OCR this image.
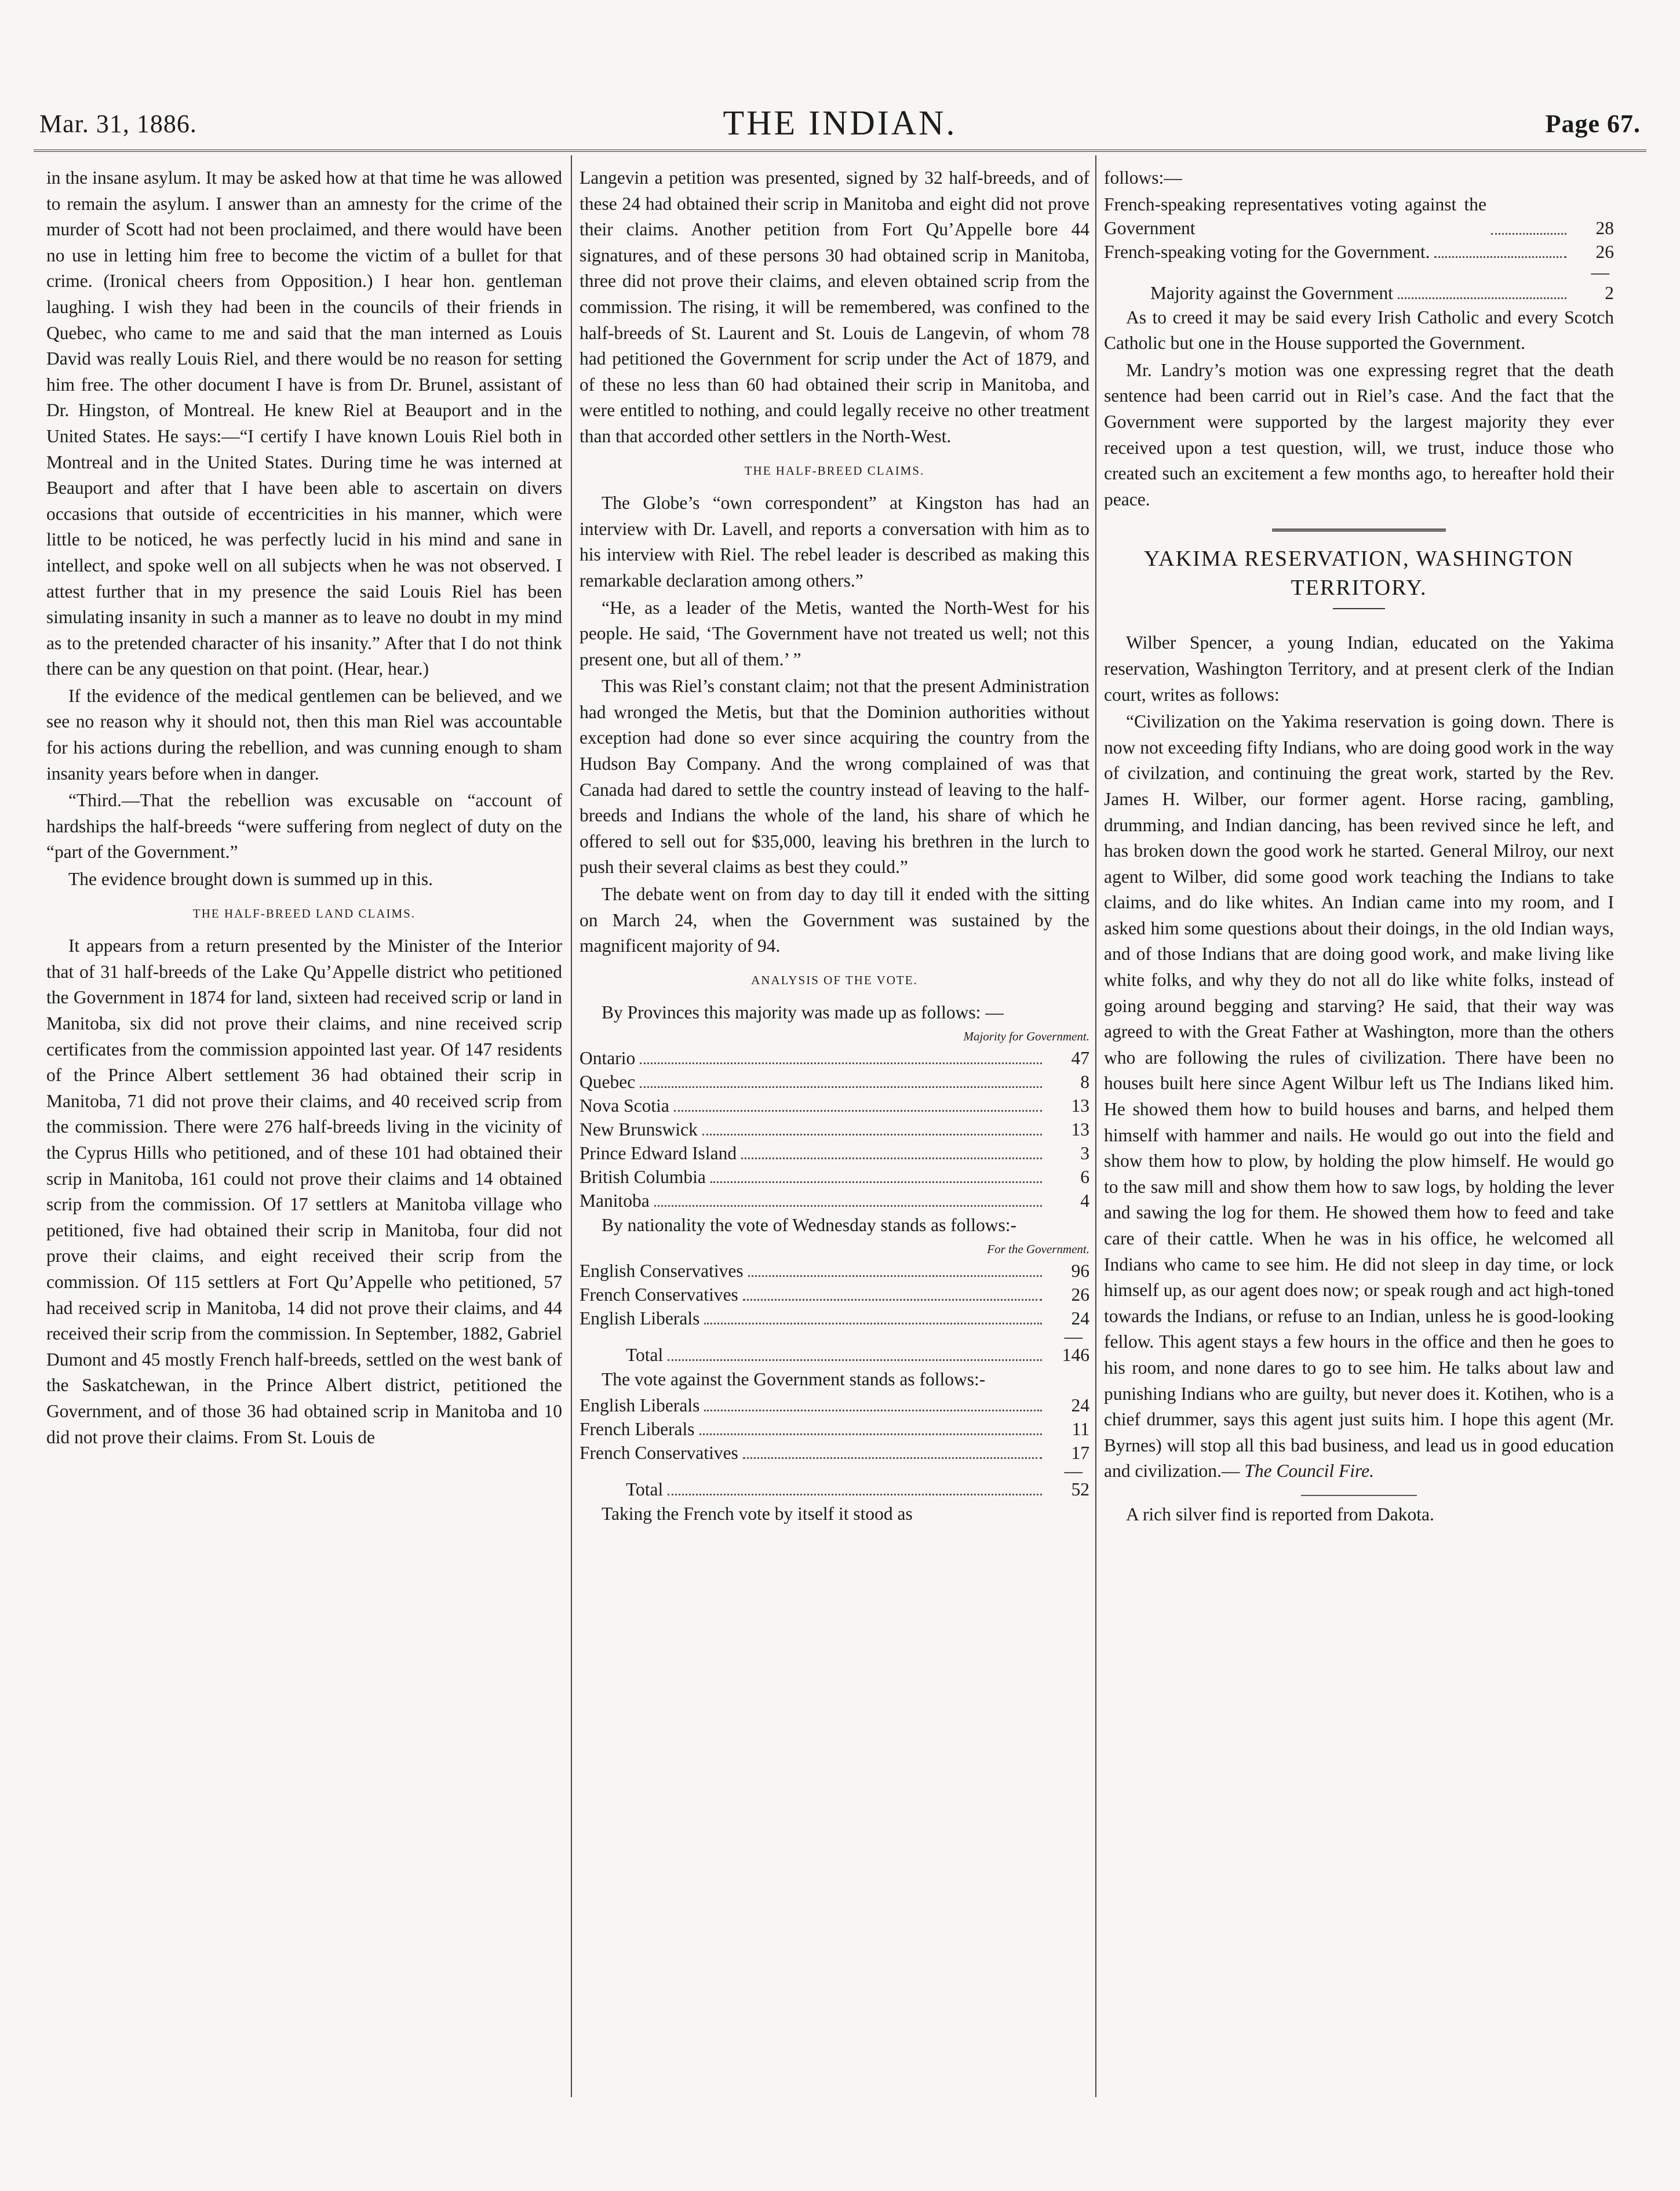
Mar. 31, 1886.	THE INDIAN.	Page 67.

in the insane asylum. It may be asked how at that time he was allowed to remain the asylum. I answer than an amnesty for the crime of the murder of Scott had not been proclaimed, and there would have been no use in letting him free to become the victim of a bullet for that crime. (Ironical cheers from Opposition.) I hear hon. gentleman laughing. I wish they had been in the councils of their friends in Quebec, who came to me and said that the man interned as Louis David was really Louis Riel, and there would be no reason for setting him free. The other document I have is from Dr. Brunel, assistant of Dr. Hingston, of Montreal. He knew Riel at Beauport and in the United States. He says:—“I certify I have known Louis Riel both in Montreal and in the United States. During time he was interned at Beauport and after that I have been able to ascertain on divers occasions that outside of eccentricities in his manner, which were little to be noticed, he was perfectly lucid in his mind and sane in intellect, and spoke well on all subjects when he was not observed. I attest further that in my presence the said Louis Riel has been simulating insanity in such a manner as to leave no doubt in my mind as to the pretended character of his insanity.” After that I do not think there can be any question on that point. (Hear, hear.)

If the evidence of the medical gentlemen can be believed, and we see no reason why it should not, then this man Riel was accountable for his actions during the rebellion, and was cunning enough to sham insanity years before when in danger.

“Third.—That the rebellion was excusable on “account of hardships the half-breeds “were suffering from neglect of duty on the “part of the Government.”

The evidence brought down is summed up in this.

THE HALF-BREED LAND CLAIMS.

It appears from a return presented by the Minister of the Interior that of 31 half-breeds of the Lake Qu’Appelle district who petitioned the Government in 1874 for land, sixteen had received scrip or land in Manitoba, six did not prove their claims, and nine received scrip certificates from the commission appointed last year. Of 147 residents of the Prince Albert settlement 36 had obtained their scrip in Manitoba, 71 did not prove their claims, and 40 received scrip from the commission. There were 276 half-breeds living in the vicinity of the Cyprus Hills who petitioned, and of these 101 had obtained their scrip in Manitoba, 161 could not prove their claims and 14 obtained scrip from the commission. Of 17 settlers at Manitoba village who petitioned, five had obtained their scrip in Manitoba, four did not prove their claims, and eight received their scrip from the commission. Of 115 settlers at Fort Qu’Appelle who petitioned, 57 had received scrip in Manitoba, 14 did not prove their claims, and 44 received their scrip from the commission. In September, 1882, Gabriel Dumont and 45 mostly French half-breeds, settled on the west bank of the Saskatchewan, in the Prince Albert district, petitioned the Government, and of those 36 had obtained scrip in Manitoba and 10 did not prove their claims. From St. Louis de

Langevin a petition was presented, signed by 32 half-breeds, and of these 24 had obtained their scrip in Manitoba and eight did not prove their claims. Another petition from Fort Qu’Appelle bore 44 signatures, and of these persons 30 had obtained scrip in Manitoba, three did not prove their claims, and eleven obtained scrip from the commission. The rising, it will be remembered, was confined to the half-breeds of St. Laurent and St. Louis de Langevin, of whom 78 had petitioned the Government for scrip under the Act of 1879, and of these no less than 60 had obtained their scrip in Manitoba, and were entitled to nothing, and could legally receive no other treatment than that accorded other settlers in the North-West.

THE HALF-BREED CLAIMS.

The Globe’s “own correspondent” at Kingston has had an interview with Dr. Lavell, and reports a conversation with him as to his interview with Riel. The rebel leader is described as making this remarkable declaration among others.”

“He, as a leader of the Metis, wanted the North-West for his people. He said, ‘The Government have not treated us well; not this present one, but all of them.’ ”

This was Riel’s constant claim; not that the present Administration had wronged the Metis, but that the Dominion authorities without exception had done so ever since acquiring the country from the Hudson Bay Company. And the wrong complained of was that Canada had dared to settle the country instead of leaving to the half-breeds and Indians the whole of the land, his share of which he offered to sell out for $35,000, leaving his brethren in the lurch to push their several claims as best they could.”

The debate went on from day to day till it ended with the sitting on March 24, when the Government was sustained by the magnificent majority of 94.

ANALYSIS OF THE VOTE.

By Provinces this majority was made up as follows: —

Majority for Government.
Ontario	47
Quebec	8
Nova Scotia	13
New Brunswick	13
Prince Edward Island	3
British Columbia	6
Manitoba	4

By nationality the vote of Wednesday stands as follows:-

For the Government.
English Conservatives	96
French Conservatives	26
English Liberals	24
—
Total	146

The vote against the Government stands as follows:-

English Liberals	24
French Liberals	11
French Conservatives	17
—
Total	52

Taking the French vote by itself it stood as

follows:—

French-speaking representatives voting against the Government	28
French-speaking voting for the Government.	26
—
Majority against the Government	2

As to creed it may be said every Irish Catholic and every Scotch Catholic but one in the House supported the Government.

Mr. Landry’s motion was one expressing regret that the death sentence had been carrid out in Riel’s case. And the fact that the Government were supported by the largest majority they ever received upon a test question, will, we trust, induce those who created such an excitement a few months ago, to hereafter hold their peace.

YAKIMA RESERVATION, WASHINGTON TERRITORY.

Wilber Spencer, a young Indian, educated on the Yakima reservation, Washington Territory, and at present clerk of the Indian court, writes as follows:

“Civilization on the Yakima reservation is going down. There is now not exceeding fifty Indians, who are doing good work in the way of civilzation, and continuing the great work, started by the Rev. James H. Wilber, our former agent. Horse racing, gambling, drumming, and Indian dancing, has been revived since he left, and has broken down the good work he started. General Milroy, our next agent to Wilber, did some good work teaching the Indians to take claims, and do like whites. An Indian came into my room, and I asked him some questions about their doings, in the old Indian ways, and of those Indians that are doing good work, and make living like white folks, and why they do not all do like white folks, instead of going around begging and starving? He said, that their way was agreed to with the Great Father at Washington, more than the others who are following the rules of civilization. There have been no houses built here since Agent Wilbur left us The Indians liked him. He showed them how to build houses and barns, and helped them himself with hammer and nails. He would go out into the field and show them how to plow, by holding the plow himself. He would go to the saw mill and show them how to saw logs, by holding the lever and sawing the log for them. He showed them how to feed and take care of their cattle. When he was in his office, he welcomed all Indians who came to see him. He did not sleep in day time, or lock himself up, as our agent does now; or speak rough and act high-toned towards the Indians, or refuse to an Indian, unless he is good-looking fellow. This agent stays a few hours in the office and then he goes to his room, and none dares to go to see him. He talks about law and punishing Indians who are guilty, but never does it. Kotihen, who is a chief drummer, says this agent just suits him. I hope this agent (Mr. Byrnes) will stop all this bad business, and lead us in good education and civilization.— The Council Fire.

A rich silver find is reported from Dakota.
